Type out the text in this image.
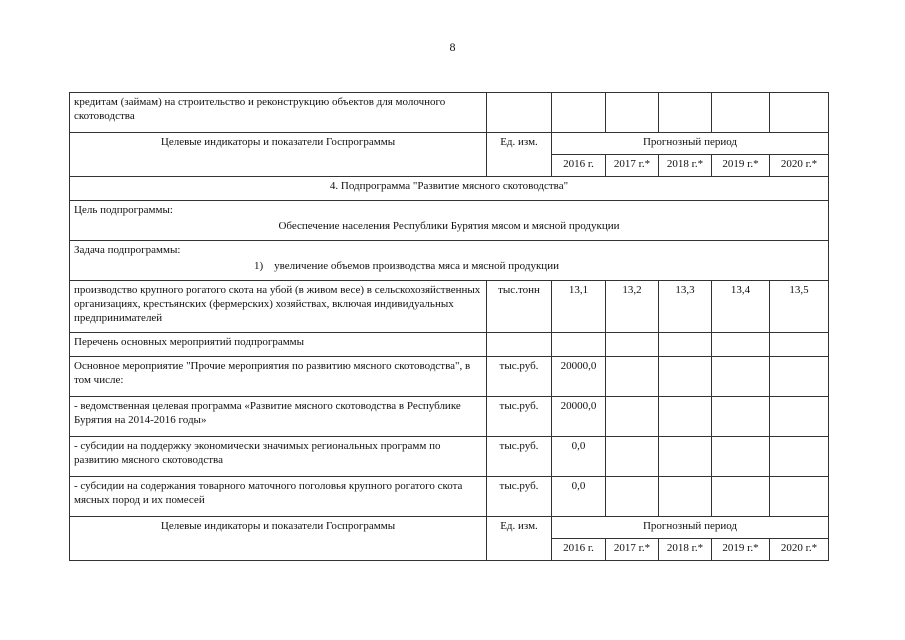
8
кредитам (займам) на строительство и реконструкцию объектов для молочного скотоводства						
Целевые индикаторы и показатели Госпрограммы	Ед. изм.	Прогнозный период				
		2016 г.	2017 г.*	2018 г.*	2019 г.*	2020 г.*
4. Подпрограмма "Развитие мясного скотоводства"						

Цель подпрограммы:
Обеспечение населения Республики Бурятия мясом и мясной продукции						

Задача подпрограммы:
1) увеличение объемов производства мяса и мясной продукции						

производство крупного рогатого скота на убой (в живом весе) в сельскохозяйственных организациях, крестьянских (фермерских) хозяйствах, включая индивидуальных предпринимателей	тыс.тонн	13,1	13,2	13,3	13,4	13,5
Перечень основных мероприятий подпрограммы						
Основное мероприятие "Прочие мероприятия по развитию мясного скотоводства", в том числе:	тыс.руб.	20000,0				
- ведомственная целевая программа «Развитие мясного скотоводства в Республике Бурятия на 2014-2016 годы»	тыс.руб.	20000,0				
- субсидии на поддержку экономически значимых региональных программ по развитию мясного скотоводства	тыс.руб.	0,0				
- субсидии на содержания товарного маточного поголовья крупного рогатого скота мясных пород и их помесей	тыс.руб.	0,0				
Целевые индикаторы и показатели Госпрограммы	Ед. изм.	Прогнозный период				
		2016 г.	2017 г.*	2018 г.*	2019 г.*	2020 г.*
